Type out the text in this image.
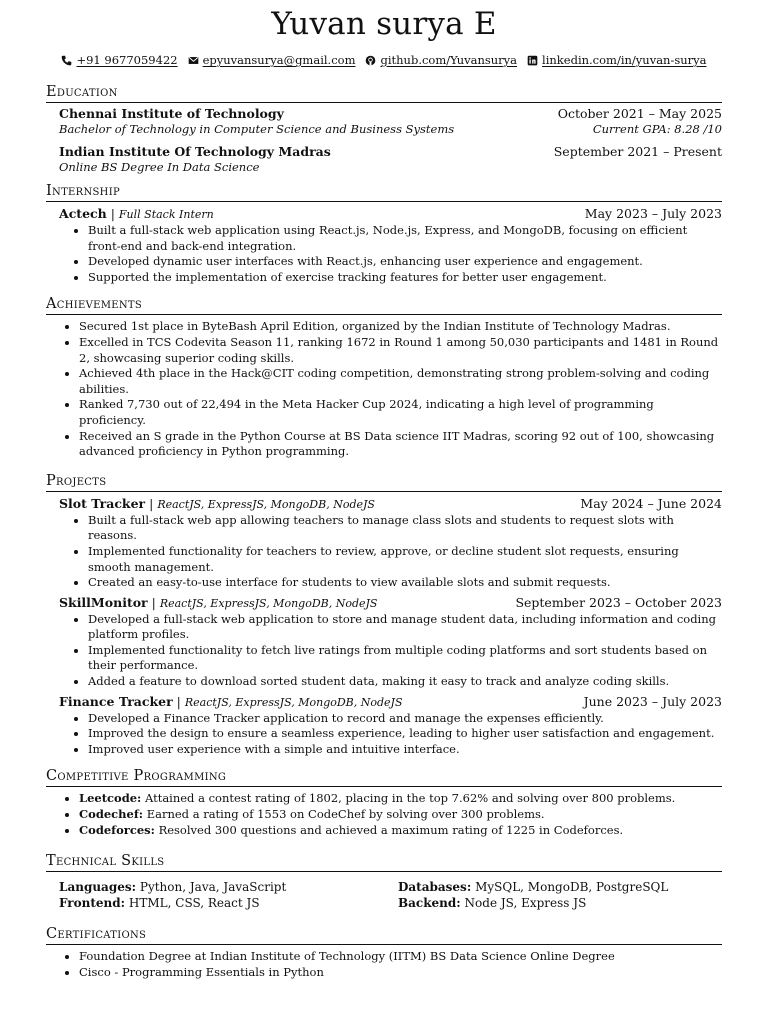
Yuvan surya E
+91 9677059422 epyuvansurya@gmail.com github.com/Yuvansurya linkedin.com/in/yuvan-surya
Education
Chennai Institute of Technology	October 2021 – May 2025
Bachelor of Technology in Computer Science and Business Systems	Current GPA: 8.28 /10
Indian Institute Of Technology Madras	September 2021 – Present
Online BS Degree In Data Science
Internship
Actech | Full Stack Intern	May 2023 – July 2023
• Built a full-stack web application using React.js, Node.js, Express, and MongoDB, focusing on efficient front-end and back-end integration.
• Developed dynamic user interfaces with React.js, enhancing user experience and engagement.
• Supported the implementation of exercise tracking features for better user engagement.
Achievements
• Secured 1st place in ByteBash April Edition, organized by the Indian Institute of Technology Madras.
• Excelled in TCS Codevita Season 11, ranking 1672 in Round 1 among 50,030 participants and 1481 in Round 2, showcasing superior coding skills.
• Achieved 4th place in the Hack@CIT coding competition, demonstrating strong problem-solving and coding abilities.
• Ranked 7,730 out of 22,494 in the Meta Hacker Cup 2024, indicating a high level of programming proficiency.
• Received an S grade in the Python Course at BS Data science IIT Madras, scoring 92 out of 100, showcasing advanced proficiency in Python programming.
Projects
Slot Tracker | ReactJS, ExpressJS, MongoDB, NodeJS	May 2024 – June 2024
• Built a full-stack web app allowing teachers to manage class slots and students to request slots with reasons.
• Implemented functionality for teachers to review, approve, or decline student slot requests, ensuring smooth management.
• Created an easy-to-use interface for students to view available slots and submit requests.
SkillMonitor | ReactJS, ExpressJS, MongoDB, NodeJS	September 2023 – October 2023
• Developed a full-stack web application to store and manage student data, including information and coding platform profiles.
• Implemented functionality to fetch live ratings from multiple coding platforms and sort students based on their performance.
• Added a feature to download sorted student data, making it easy to track and analyze coding skills.
Finance Tracker | ReactJS, ExpressJS, MongoDB, NodeJS	June 2023 – July 2023
• Developed a Finance Tracker application to record and manage the expenses efficiently.
• Improved the design to ensure a seamless experience, leading to higher user satisfaction and engagement.
• Improved user experience with a simple and intuitive interface.
Competitive Programming
• Leetcode: Attained a contest rating of 1802, placing in the top 7.62% and solving over 800 problems.
• Codechef: Earned a rating of 1553 on CodeChef by solving over 300 problems.
• Codeforces: Resolved 300 questions and achieved a maximum rating of 1225 in Codeforces.
Technical Skills
Languages: Python, Java, JavaScript	Databases: MySQL, MongoDB, PostgreSQL
Frontend: HTML, CSS, React JS	Backend: Node JS, Express JS
Certifications
• Foundation Degree at Indian Institute of Technology (IITM) BS Data Science Online Degree
• Cisco - Programming Essentials in Python
